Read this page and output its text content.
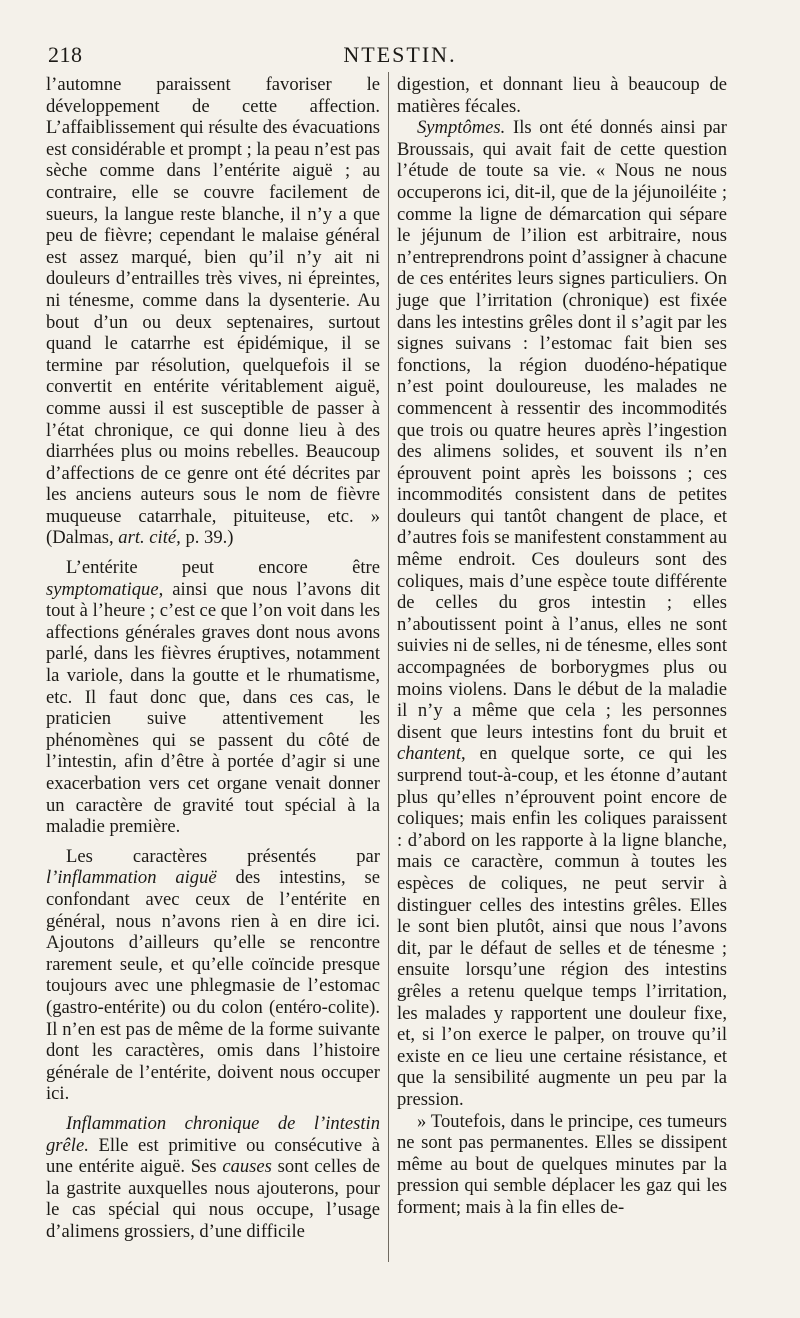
218	NTESTIN.

l’automne paraissent favoriser le développement de cette affection. L’affaiblissement qui résulte des évacuations est considérable et prompt ; la peau n’est pas sèche comme dans l’entérite aiguë ; au contraire, elle se couvre facilement de sueurs, la langue reste blanche, il n’y a que peu de fièvre; cependant le malaise général est assez marqué, bien qu’il n’y ait ni douleurs d’entrailles très vives, ni épreintes, ni ténesme, comme dans la dysenterie. Au bout d’un ou deux septenaires, surtout quand le catarrhe est épidémique, il se termine par résolution, quelquefois il se convertit en entérite véritablement aiguë, comme aussi il est susceptible de passer à l’état chronique, ce qui donne lieu à des diarrhées plus ou moins rebelles. Beaucoup d’affections de ce genre ont été décrites par les anciens auteurs sous le nom de fièvre muqueuse catarrhale, pituiteuse, etc. » (Dalmas, art. cité, p. 39.)

L’entérite peut encore être symptomatique, ainsi que nous l’avons dit tout à l’heure ; c’est ce que l’on voit dans les affections générales graves dont nous avons parlé, dans les fièvres éruptives, notamment la variole, dans la goutte et le rhumatisme, etc. Il faut donc que, dans ces cas, le praticien suive attentivement les phénomènes qui se passent du côté de l’intestin, afin d’être à portée d’agir si une exacerbation vers cet organe venait donner un caractère de gravité tout spécial à la maladie première.

Les caractères présentés par l’inflammation aiguë des intestins, se confondant avec ceux de l’entérite en général, nous n’avons rien à en dire ici. Ajoutons d’ailleurs qu’elle se rencontre rarement seule, et qu’elle coïncide presque toujours avec une phlegmasie de l’estomac (gastro-entérite) ou du colon (entéro-colite). Il n’en est pas de même de la forme suivante dont les caractères, omis dans l’histoire générale de l’entérite, doivent nous occuper ici.

Inflammation chronique de l’intestin grêle. Elle est primitive ou consécutive à une entérite aiguë. Ses causes sont celles de la gastrite auxquelles nous ajouterons, pour le cas spécial qui nous occupe, l’usage d’alimens grossiers, d’une difficile

digestion, et donnant lieu à beaucoup de matières fécales.

Symptômes. Ils ont été donnés ainsi par Broussais, qui avait fait de cette question l’étude de toute sa vie. « Nous ne nous occuperons ici, dit-il, que de la jéjunoiléite ; comme la ligne de démarcation qui sépare le jéjunum de l’ilion est arbitraire, nous n’entreprendrons point d’assigner à chacune de ces entérites leurs signes particuliers. On juge que l’irritation (chronique) est fixée dans les intestins grêles dont il s’agit par les signes suivans : l’estomac fait bien ses fonctions, la région duodéno-hépatique n’est point douloureuse, les malades ne commencent à ressentir des incommodités que trois ou quatre heures après l’ingestion des alimens solides, et souvent ils n’en éprouvent point après les boissons ; ces incommodités consistent dans de petites douleurs qui tantôt changent de place, et d’autres fois se manifestent constamment au même endroit. Ces douleurs sont des coliques, mais d’une espèce toute différente de celles du gros intestin ; elles n’aboutissent point à l’anus, elles ne sont suivies ni de selles, ni de ténesme, elles sont accompagnées de borborygmes plus ou moins violens. Dans le début de la maladie il n’y a même que cela ; les personnes disent que leurs intestins font du bruit et chantent, en quelque sorte, ce qui les surprend tout-à-coup, et les étonne d’autant plus qu’elles n’éprouvent point encore de coliques; mais enfin les coliques paraissent : d’abord on les rapporte à la ligne blanche, mais ce caractère, commun à toutes les espèces de coliques, ne peut servir à distinguer celles des intestins grêles. Elles le sont bien plutôt, ainsi que nous l’avons dit, par le défaut de selles et de ténesme ; ensuite lorsqu’une région des intestins grêles a retenu quelque temps l’irritation, les malades y rapportent une douleur fixe, et, si l’on exerce le palper, on trouve qu’il existe en ce lieu une certaine résistance, et que la sensibilité augmente un peu par la pression.

» Toutefois, dans le principe, ces tumeurs ne sont pas permanentes. Elles se dissipent même au bout de quelques minutes par la pression qui semble déplacer les gaz qui les forment; mais à la fin elles de-
